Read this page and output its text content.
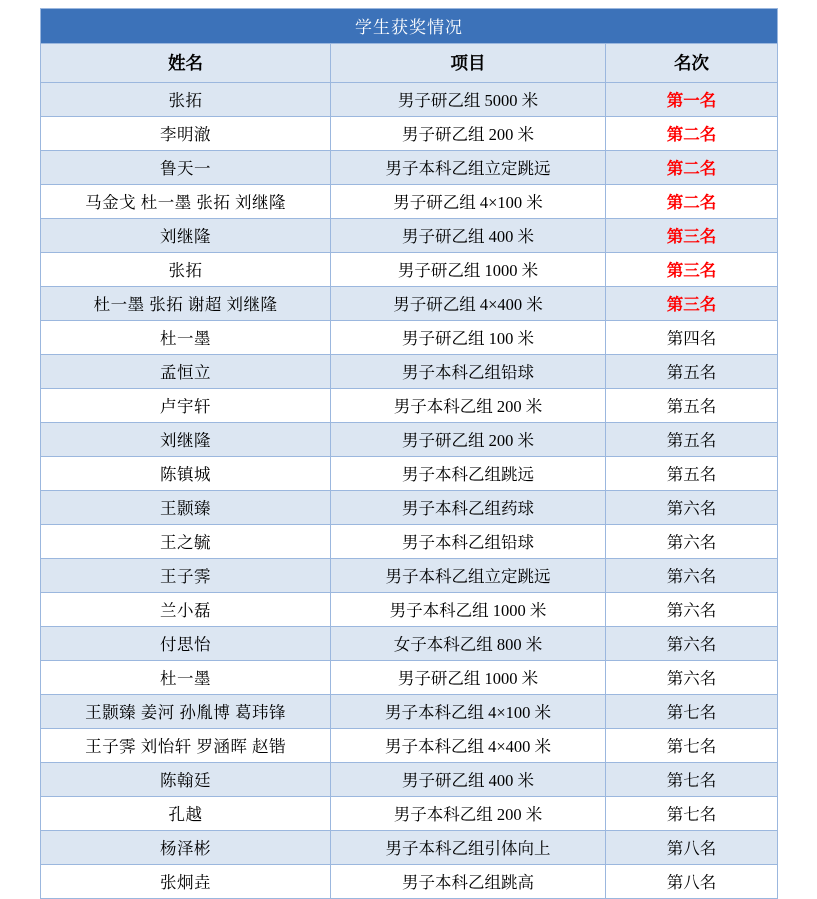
学生获奖情况		
姓名	项目	名次
张拓	男子研乙组 5000 米	第一名
李明澈	男子研乙组 200 米	第二名
鲁天一	男子本科乙组立定跳远	第二名
马金戈 杜一墨 张拓 刘继隆	男子研乙组 4×100 米	第二名
刘继隆	男子研乙组 400 米	第三名
张拓	男子研乙组 1000 米	第三名
杜一墨 张拓 谢超 刘继隆	男子研乙组 4×400 米	第三名
杜一墨	男子研乙组 100 米	第四名
孟恒立	男子本科乙组铅球	第五名
卢宇轩	男子本科乙组 200 米	第五名
刘继隆	男子研乙组 200 米	第五名
陈镇城	男子本科乙组跳远	第五名
王颢臻	男子本科乙组药球	第六名
王之毓	男子本科乙组铅球	第六名
王子霁	男子本科乙组立定跳远	第六名
兰小磊	男子本科乙组 1000 米	第六名
付思怡	女子本科乙组 800 米	第六名
杜一墨	男子研乙组 1000 米	第六名
王颢臻 姜河 孙胤博 葛玮锋	男子本科乙组 4×100 米	第七名
王子霁 刘怡轩 罗涵晖 赵锴	男子本科乙组 4×400 米	第七名
陈翰廷	男子研乙组 400 米	第七名
孔越	男子本科乙组 200 米	第七名
杨泽彬	男子本科乙组引体向上	第八名
张炯垚	男子本科乙组跳高	第八名
